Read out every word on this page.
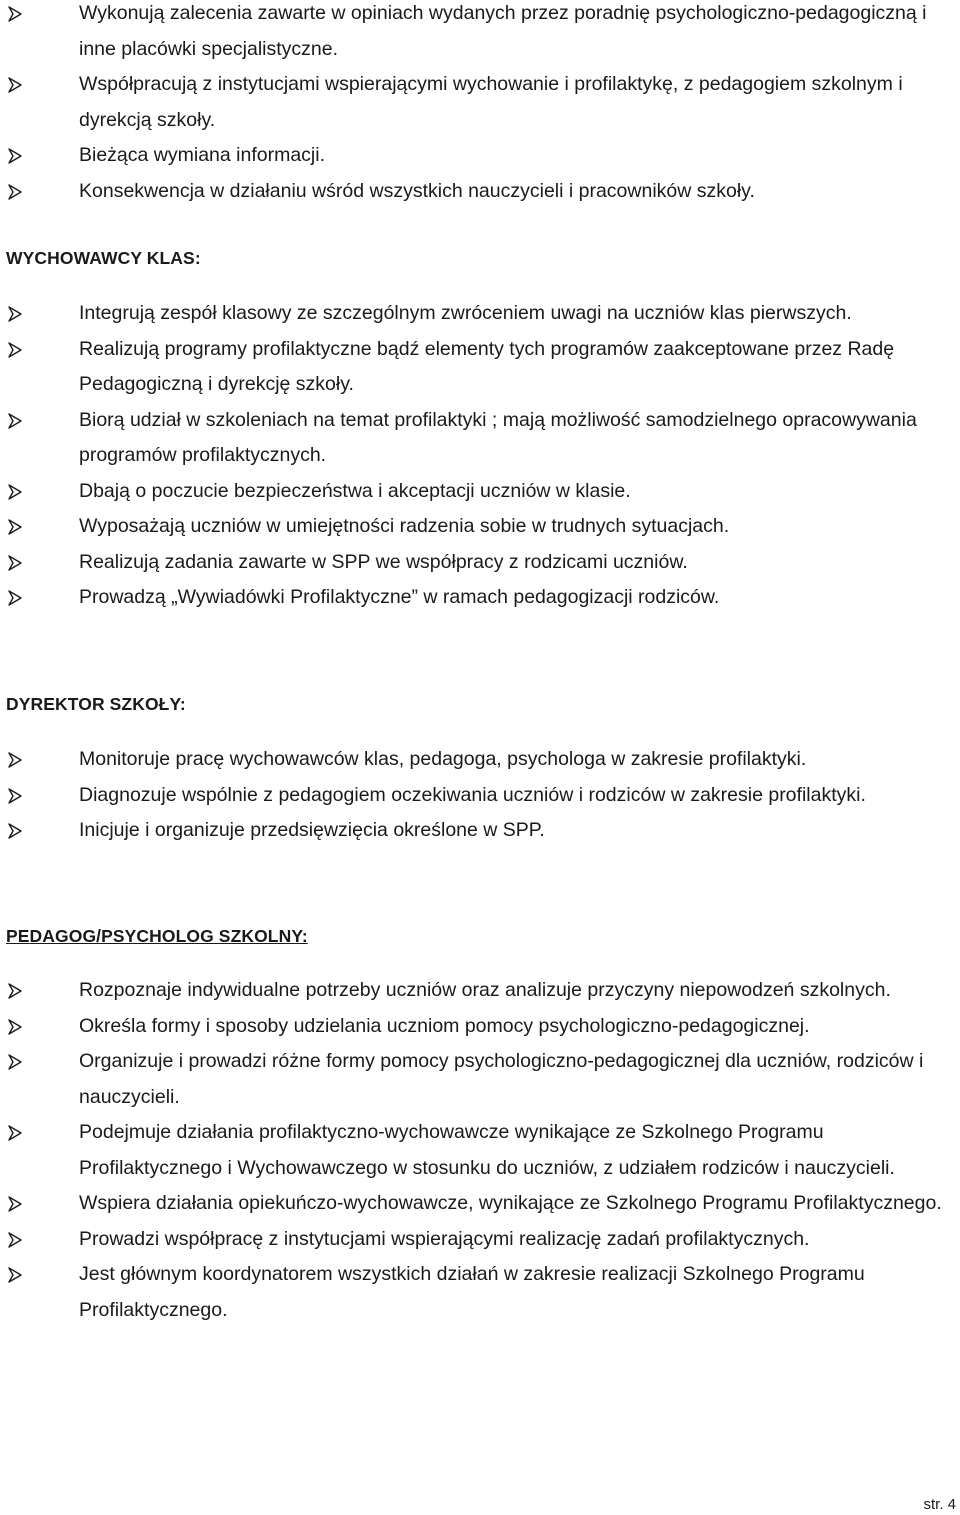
Wykonują zalecenia zawarte w opiniach wydanych przez poradnię psychologiczno-pedagogiczną i inne placówki specjalistyczne.
Współpracują z instytucjami wspierającymi wychowanie i profilaktykę, z pedagogiem szkolnym i dyrekcją szkoły.
Bieżąca wymiana informacji.
Konsekwencja w działaniu wśród wszystkich nauczycieli i pracowników szkoły.
WYCHOWAWCY KLAS:
Integrują zespół klasowy ze szczególnym zwróceniem uwagi na uczniów klas pierwszych.
Realizują programy profilaktyczne bądź elementy tych programów zaakceptowane przez Radę Pedagogiczną i dyrekcję szkoły.
Biorą udział w szkoleniach na temat profilaktyki ; mają możliwość samodzielnego opracowywania programów profilaktycznych.
Dbają o poczucie bezpieczeństwa i akceptacji uczniów w klasie.
Wyposażają uczniów w umiejętności radzenia sobie w trudnych sytuacjach.
Realizują zadania zawarte w SPP we współpracy z rodzicami uczniów.
Prowadzą „Wywiadówki Profilaktyczne” w ramach pedagogizacji rodziców.
DYREKTOR SZKOŁY:
Monitoruje pracę wychowawców klas, pedagoga, psychologa w zakresie profilaktyki.
Diagnozuje wspólnie z pedagogiem oczekiwania uczniów i rodziców w zakresie profilaktyki.
Inicjuje i organizuje przedsięwzięcia określone w SPP.
PEDAGOG/PSYCHOLOG SZKOLNY:
Rozpoznaje indywidualne potrzeby uczniów oraz analizuje przyczyny niepowodzeń szkolnych.
Określa formy i sposoby udzielania uczniom pomocy psychologiczno-pedagogicznej.
Organizuje i prowadzi różne formy pomocy psychologiczno-pedagogicznej dla uczniów, rodziców i nauczycieli.
Podejmuje działania profilaktyczno-wychowawcze wynikające ze Szkolnego Programu Profilaktycznego i Wychowawczego w stosunku do uczniów, z udziałem rodziców i nauczycieli.
Wspiera działania opiekuńczo-wychowawcze, wynikające ze Szkolnego Programu Profilaktycznego.
Prowadzi współpracę z instytucjami wspierającymi realizację zadań profilaktycznych.
Jest głównym koordynatorem wszystkich działań w zakresie realizacji Szkolnego Programu Profilaktycznego.
str. 4
